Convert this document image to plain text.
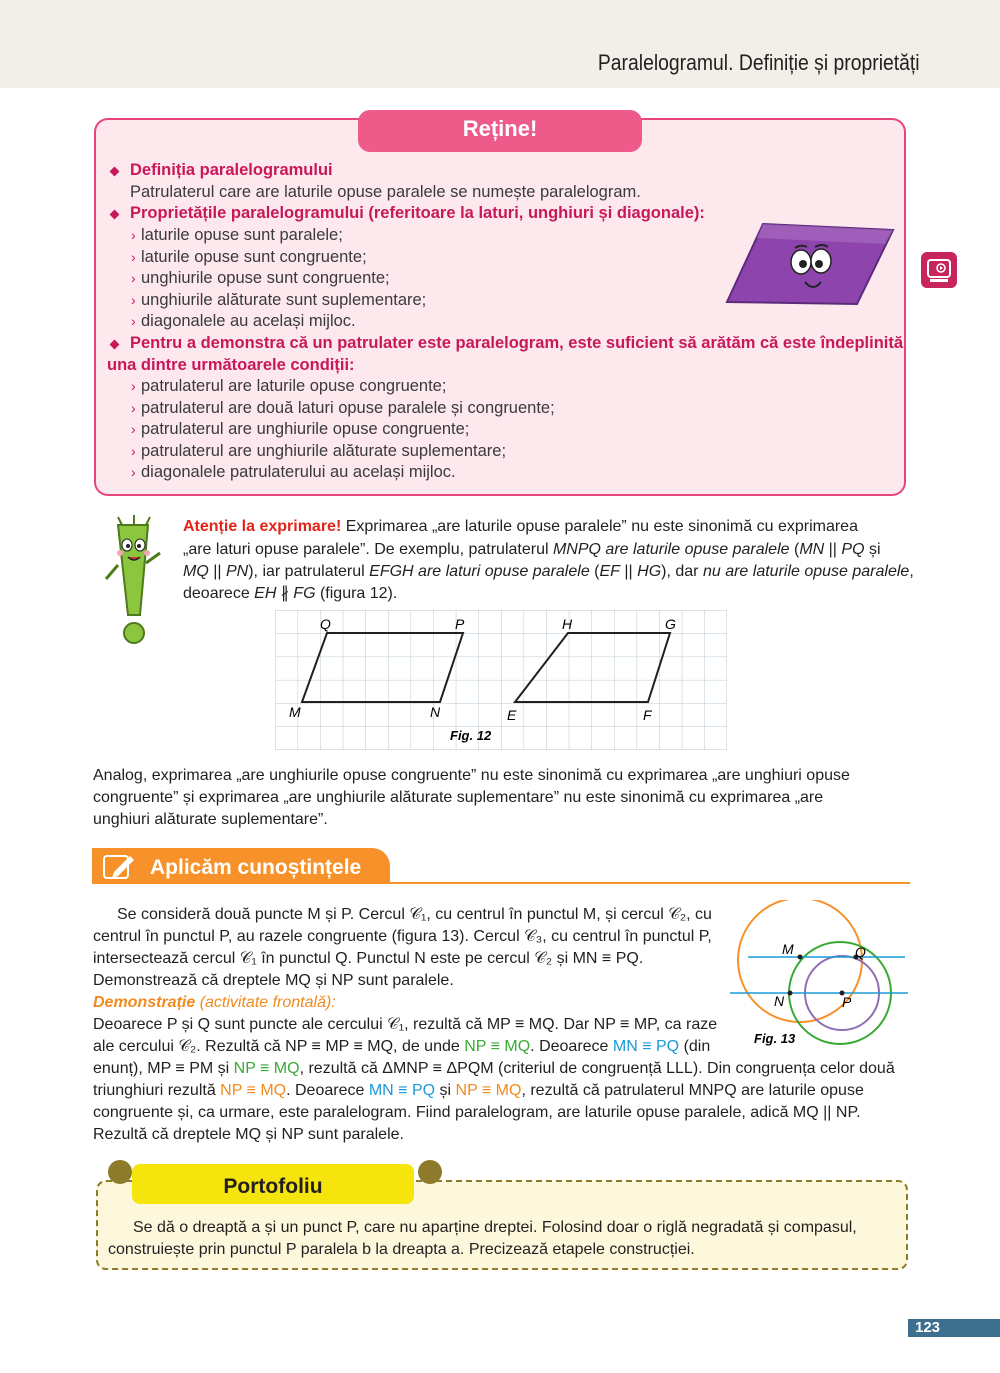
Paralelogramul. Definiție și proprietăți
Reține!
Definiția paralelogramului
Patrulaterul care are laturile opuse paralele se numește paralelogram.
Proprietățile paralelogramului (referitoare la laturi, unghiuri și diagonale):
› laturile opuse sunt paralele;
› laturile opuse sunt congruente;
› unghiurile opuse sunt congruente;
› unghiurile alăturate sunt suplementare;
› diagonalele au același mijloc.
Pentru a demonstra că un patrulater este paralelogram, este suficient să arătăm că este îndeplinită
una dintre următoarele condiții:
› patrulaterul are laturile opuse congruente;
› patrulaterul are două laturi opuse paralele și congruente;
› patrulaterul are unghiurile opuse congruente;
› patrulaterul are unghiurile alăturate suplementare;
› diagonalele patrulaterului au același mijloc.
Atenție la exprimare! Exprimarea „are laturile opuse paralele” nu este sinonimă cu exprimarea
„are laturi opuse paralele”. De exemplu, patrulaterul MNPQ are laturile opuse paralele (MN || PQ și
MQ || PN), iar patrulaterul EFGH are laturi opuse paralele (EF || HG), dar nu are laturile opuse paralele,
deoarece EH ∦ FG (figura 12).
Q	P
M	N
H	G
E	F
Fig. 12
Analog, exprimarea „are unghiurile opuse congruente” nu este sinonimă cu exprimarea „are unghiuri opuse
congruente” și exprimarea „are unghiurile alăturate suplementare” nu este sinonimă cu exprimarea „are
unghiuri alăturate suplementare”.
Aplicăm cunoștințele
Se consideră două puncte M și P. Cercul 𝒞₁, cu centrul în punctul M, și cercul 𝒞₂, cu
centrul în punctul P, au razele congruente (figura 13). Cercul 𝒞₃, cu centrul în punctul P,
intersectează cercul 𝒞₁ în punctul Q. Punctul N este pe cercul 𝒞₂ și MN ≡ PQ.
Demonstrează că dreptele MQ și NP sunt paralele.
Demonstrație (activitate frontală):
Deoarece P și Q sunt puncte ale cercului 𝒞₁, rezultă că MP ≡ MQ. Dar NP ≡ MP, ca raze
ale cercului 𝒞₂. Rezultă că NP ≡ MP ≡ MQ, de unde NP ≡ MQ. Deoarece MN ≡ PQ (din
enunț), MP ≡ PM și NP ≡ MQ, rezultă că ΔMNP ≡ ΔPQM (criteriul de congruență LLL). Din congruența celor două
triunghiuri rezultă NP ≡ MQ. Deoarece MN ≡ PQ și NP ≡ MQ, rezultă că patrulaterul MNPQ are laturile opuse
congruente și, ca urmare, este paralelogram. Fiind paralelogram, are laturile opuse paralele, adică MQ || NP.
Rezultă că dreptele MQ și NP sunt paralele.
M	Q
N	P
Fig. 13
Portofoliu
Se dă o dreaptă a și un punct P, care nu aparține dreptei. Folosind doar o riglă negradată și compasul,
construiește prin punctul P paralela b la dreapta a. Precizează etapele construcției.
123
